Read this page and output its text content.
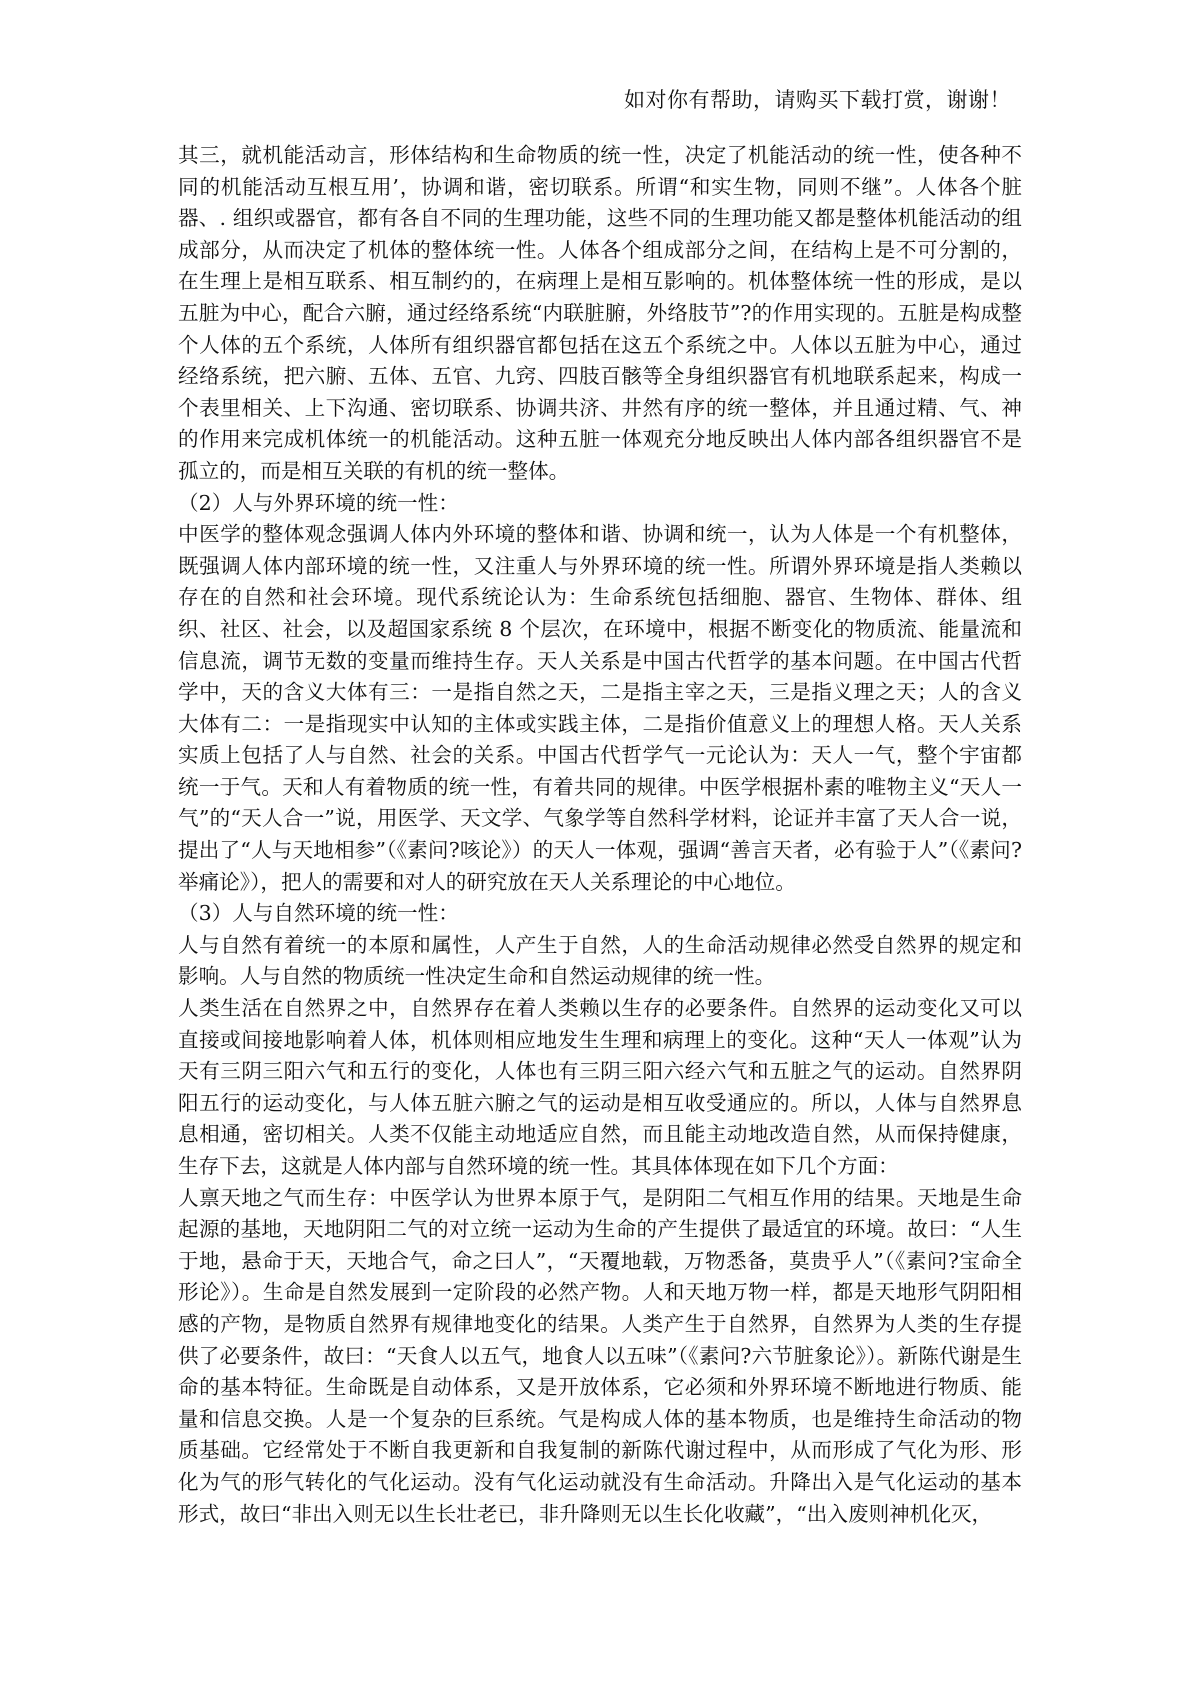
如对你有帮助，请购买下载打赏，谢谢！

其三，就机能活动言，形体结构和生命物质的统一性，决定了机能活动的统一性，使各种不同的机能活动互根互用’，协调和谐，密切联系。所谓“和实生物，同则不继”。人体各个脏器、. 组织或器官，都有各自不同的生理功能，这些不同的生理功能又都是整体机能活动的组成部分，从而决定了机体的整体统一性。人体各个组成部分之间，在结构上是不可分割的，在生理上是相互联系、相互制约的，在病理上是相互影响的。机体整体统一性的形成，是以五脏为中心，配合六腑，通过经络系统“内联脏腑，外络肢节”?的作用实现的。五脏是构成整个人体的五个系统，人体所有组织器官都包括在这五个系统之中。人体以五脏为中心，通过经络系统，把六腑、五体、五官、九窍、四肢百骸等全身组织器官有机地联系起来，构成一个表里相关、上下沟通、密切联系、协调共济、井然有序的统一整体，并且通过精、气、神的作用来完成机体统一的机能活动。这种五脏一体观充分地反映出人体内部各组织器官不是孤立的，而是相互关联的有机的统一整体。

（2）人与外界环境的统一性：

中医学的整体观念强调人体内外环境的整体和谐、协调和统一，认为人体是一个有机整体，既强调人体内部环境的统一性，又注重人与外界环境的统一性。所谓外界环境是指人类赖以存在的自然和社会环境。现代系统论认为：生命系统包括细胞、器官、生物体、群体、组织、社区、社会，以及超国家系统 8 个层次，在环境中，根据不断变化的物质流、能量流和信息流，调节无数的变量而维持生存。天人关系是中国古代哲学的基本问题。在中国古代哲学中，天的含义大体有三：一是指自然之天，二是指主宰之天，三是指义理之天；人的含义大体有二：一是指现实中认知的主体或实践主体，二是指价值意义上的理想人格。天人关系实质上包括了人与自然、社会的关系。中国古代哲学气一元论认为：天人一气，整个宇宙都统一于气。天和人有着物质的统一性，有着共同的规律。中医学根据朴素的唯物主义“天人一气”的“天人合一”说，用医学、天文学、气象学等自然科学材料，论证并丰富了天人合一说，提出了“人与天地相参”（《素问?咳论》）的天人一体观，强调“善言天者，必有验于人”（《素问?举痛论》），把人的需要和对人的研究放在天人关系理论的中心地位。

（3）人与自然环境的统一性：

人与自然有着统一的本原和属性，人产生于自然，人的生命活动规律必然受自然界的规定和影响。人与自然的物质统一性决定生命和自然运动规律的统一性。

人类生活在自然界之中，自然界存在着人类赖以生存的必要条件。自然界的运动变化又可以直接或间接地影响着人体，机体则相应地发生生理和病理上的变化。这种“天人一体观”认为天有三阴三阳六气和五行的变化，人体也有三阴三阳六经六气和五脏之气的运动。自然界阴阳五行的运动变化，与人体五脏六腑之气的运动是相互收受通应的。所以，人体与自然界息息相通，密切相关。人类不仅能主动地适应自然，而且能主动地改造自然，从而保持健康，生存下去，这就是人体内部与自然环境的统一性。其具体体现在如下几个方面：

人禀天地之气而生存：中医学认为世界本原于气，是阴阳二气相互作用的结果。天地是生命起源的基地，天地阴阳二气的对立统一运动为生命的产生提供了最适宜的环境。故曰：“人生于地，悬命于天，天地合气，命之曰人”，“天覆地载，万物悉备，莫贵乎人”（《素问?宝命全形论》）。生命是自然发展到一定阶段的必然产物。人和天地万物一样，都是天地形气阴阳相感的产物，是物质自然界有规律地变化的结果。人类产生于自然界，自然界为人类的生存提供了必要条件，故曰：“天食人以五气，地食人以五味”（《素问?六节脏象论》）。新陈代谢是生命的基本特征。生命既是自动体系，又是开放体系，它必须和外界环境不断地进行物质、能量和信息交换。人是一个复杂的巨系统。气是构成人体的基本物质，也是维持生命活动的物质基础。它经常处于不断自我更新和自我复制的新陈代谢过程中，从而形成了气化为形、形化为气的形气转化的气化运动。没有气化运动就没有生命活动。升降出入是气化运动的基本形式，故曰“非出入则无以生长壮老已，非升降则无以生长化收藏”，“出入废则神机化灭，
